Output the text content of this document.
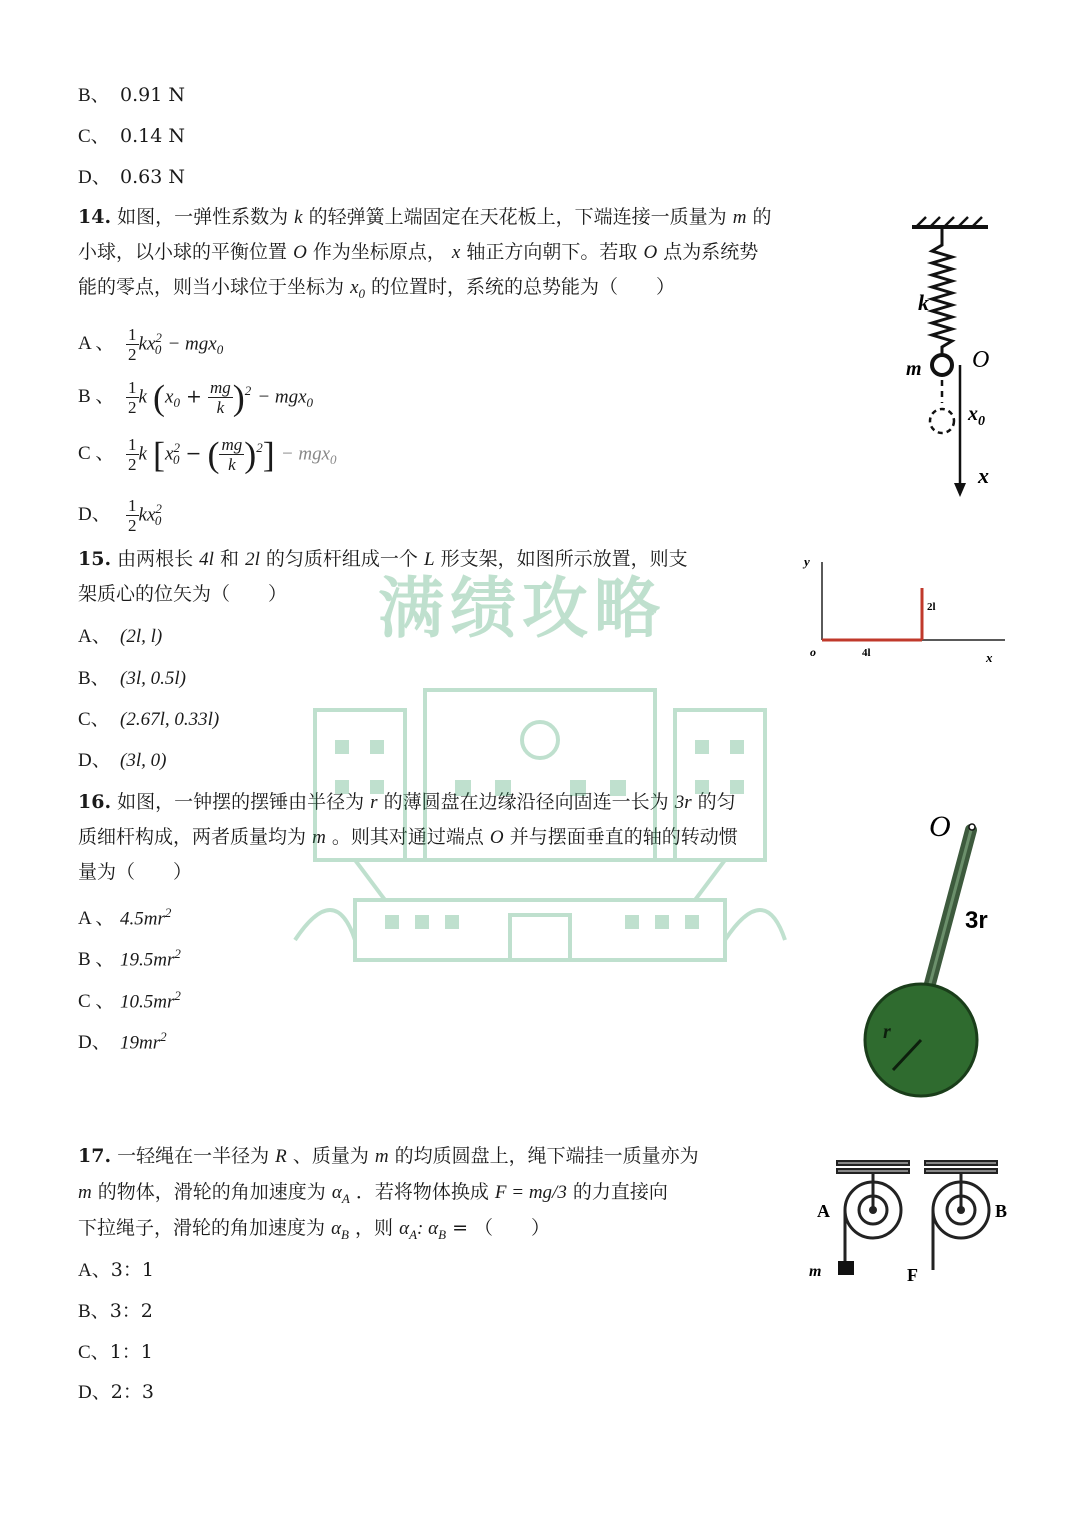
B、 0.91 N
C、 0.14 N
D、 0.63 N
14. 如图，一弹性系数为 k 的轻弹簧上端固定在天花板上，下端连接一质量为 m 的
小球，以小球的平衡位置 O 作为坐标原点， x 轴正方向朝下。若取 O 点为系统势
能的零点，则当小球位于坐标为 $x_0$ 的位置时，系统的总势能为（　　）
A 、 $\frac{1}{2} kx^2_0 - mgx_0$
B 、 $\frac{1}{2}$ k $(x_0 + \frac{mg}{k} )^2 - mgx_0$
C 、 $\frac{1}{2}$ k [$x^2_0$ − ( $\frac{mg}{k} )^2] - mgx_0$
D、 $\frac{1}{2} kx^2_0$
k
m O
$x_0$
x
15. 由两根长 4l 和 2l 的匀质杆组成一个 L 形支架，如图所示放置，则支
架质心的位矢为（　　）
A、 (2l, l)
B、 (3l, 0.5l)
C、 (2.67l, 0.33l)
D、 (3l, 0)
y
x
o	4l
2l
16. 如图，一钟摆的摆锤由半径为 r 的薄圆盘在边缘沿径向固连一长为 3r 的匀
质细杆构成，两者质量均为 m 。则其对通过端点 O 并与摆面垂直的轴的转动惯
量为（　　）
A 、 $4.5mr^2$
B 、 $19.5mr^2$
C 、 $10.5mr^2$
D、 $19mr^2$
O
3r
r
17. 一轻绳在一半径为 R 、质量为 m 的均质圆盘上，绳下端挂一质量亦为
m 的物体，滑轮的角加速度为 $\alpha_A$ ．若将物体换成 F = mg/3 的力直接向
下拉绳子，滑轮的角加速度为 $\alpha_B$ ，则 $\alpha_A$: $\alpha_B$ = （　　）
A、3：1
B、3：2
C、1：1
D、2：3
A	B
m	F
满绩攻略
